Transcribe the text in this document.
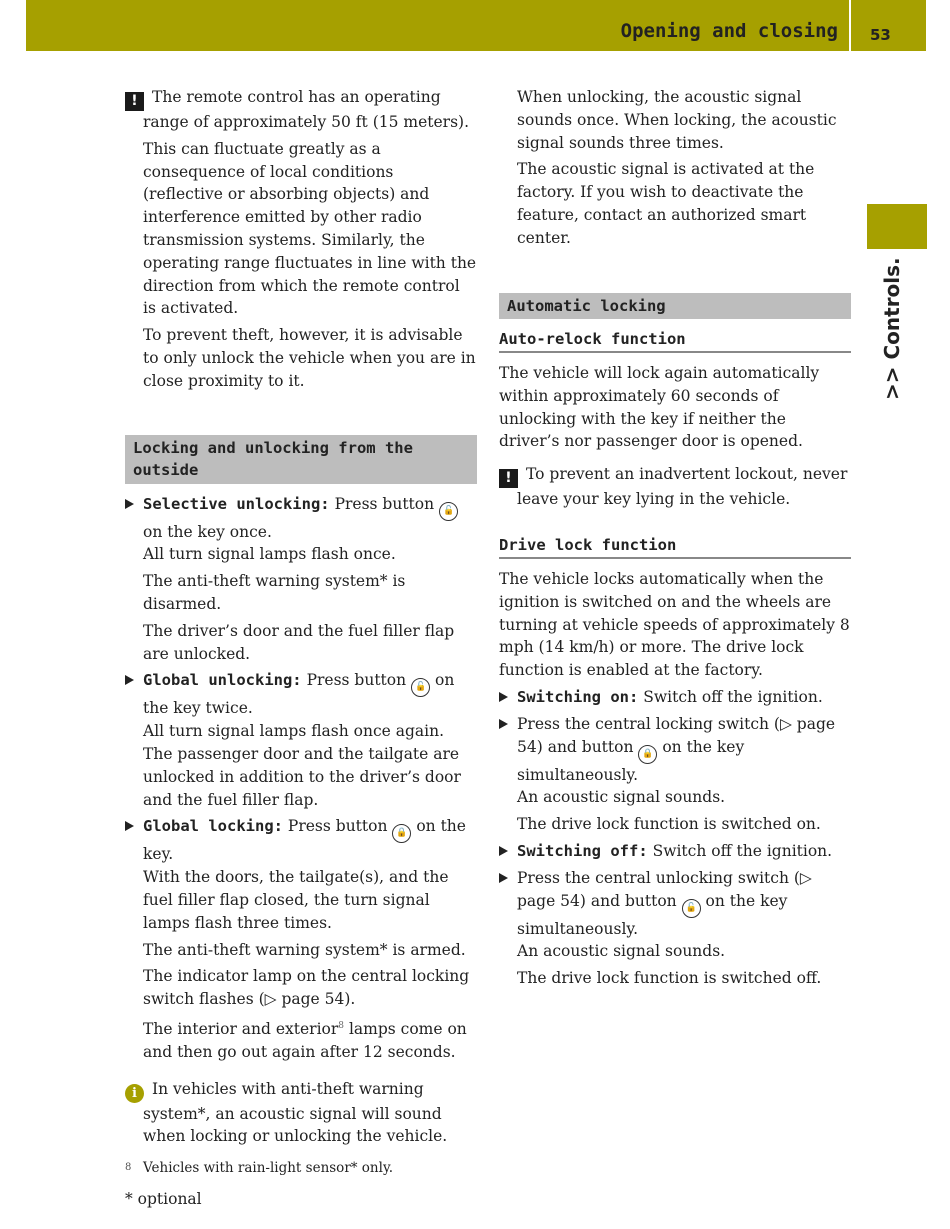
Opening and closing 53
>> Controls.

! The remote control has an operating range of approximately 50 ft (15 meters).

This can fluctuate greatly as a consequence of local conditions (reflective or absorbing objects) and interference emitted by other radio transmission systems. Similarly, the operating range fluctuates in line with the direction from which the remote control is activated.

To prevent theft, however, it is advisable to only unlock the vehicle when you are in close proximity to it.

Locking and unlocking from the outside

Selective unlocking: Press button 🔓 on the key once.

All turn signal lamps flash once.

The anti-theft warning system* is disarmed.

The driver’s door and the fuel filler flap are unlocked.

Global unlocking: Press button 🔓 on the key twice.

All turn signal lamps flash once again. The passenger door and the tailgate are unlocked in addition to the driver’s door and the fuel filler flap.

Global locking: Press button 🔒 on the key.

With the doors, the tailgate(s), and the fuel filler flap closed, the turn signal lamps flash three times.

The anti-theft warning system* is armed.

The indicator lamp on the central locking switch flashes (▷ page 54).

The interior and exterior$^8$ lamps come on and then go out again after 12 seconds.

i In vehicles with anti-theft warning system*, an acoustic signal will sound when locking or unlocking the vehicle.

When unlocking, the acoustic signal sounds once. When locking, the acoustic signal sounds three times.

The acoustic signal is activated at the factory. If you wish to deactivate the feature, contact an authorized smart center.

Automatic locking
Auto-relock function

The vehicle will lock again automatically within approximately 60 seconds of unlocking with the key if neither the driver’s nor passenger door is opened.

! To prevent an inadvertent lockout, never leave your key lying in the vehicle.

Drive lock function

The vehicle locks automatically when the ignition is switched on and the wheels are turning at vehicle speeds of approximately 8 mph (14 km/h) or more. The drive lock function is enabled at the factory.

Switching on: Switch off the ignition.

Press the central locking switch (▷ page 54) and button 🔒 on the key simultaneously.

An acoustic signal sounds.

The drive lock function is switched on.

Switching off: Switch off the ignition.

Press the central unlocking switch (▷ page 54) and button 🔓 on the key simultaneously.

An acoustic signal sounds.

The drive lock function is switched off.

8 Vehicles with rain-light sensor* only.
* optional
